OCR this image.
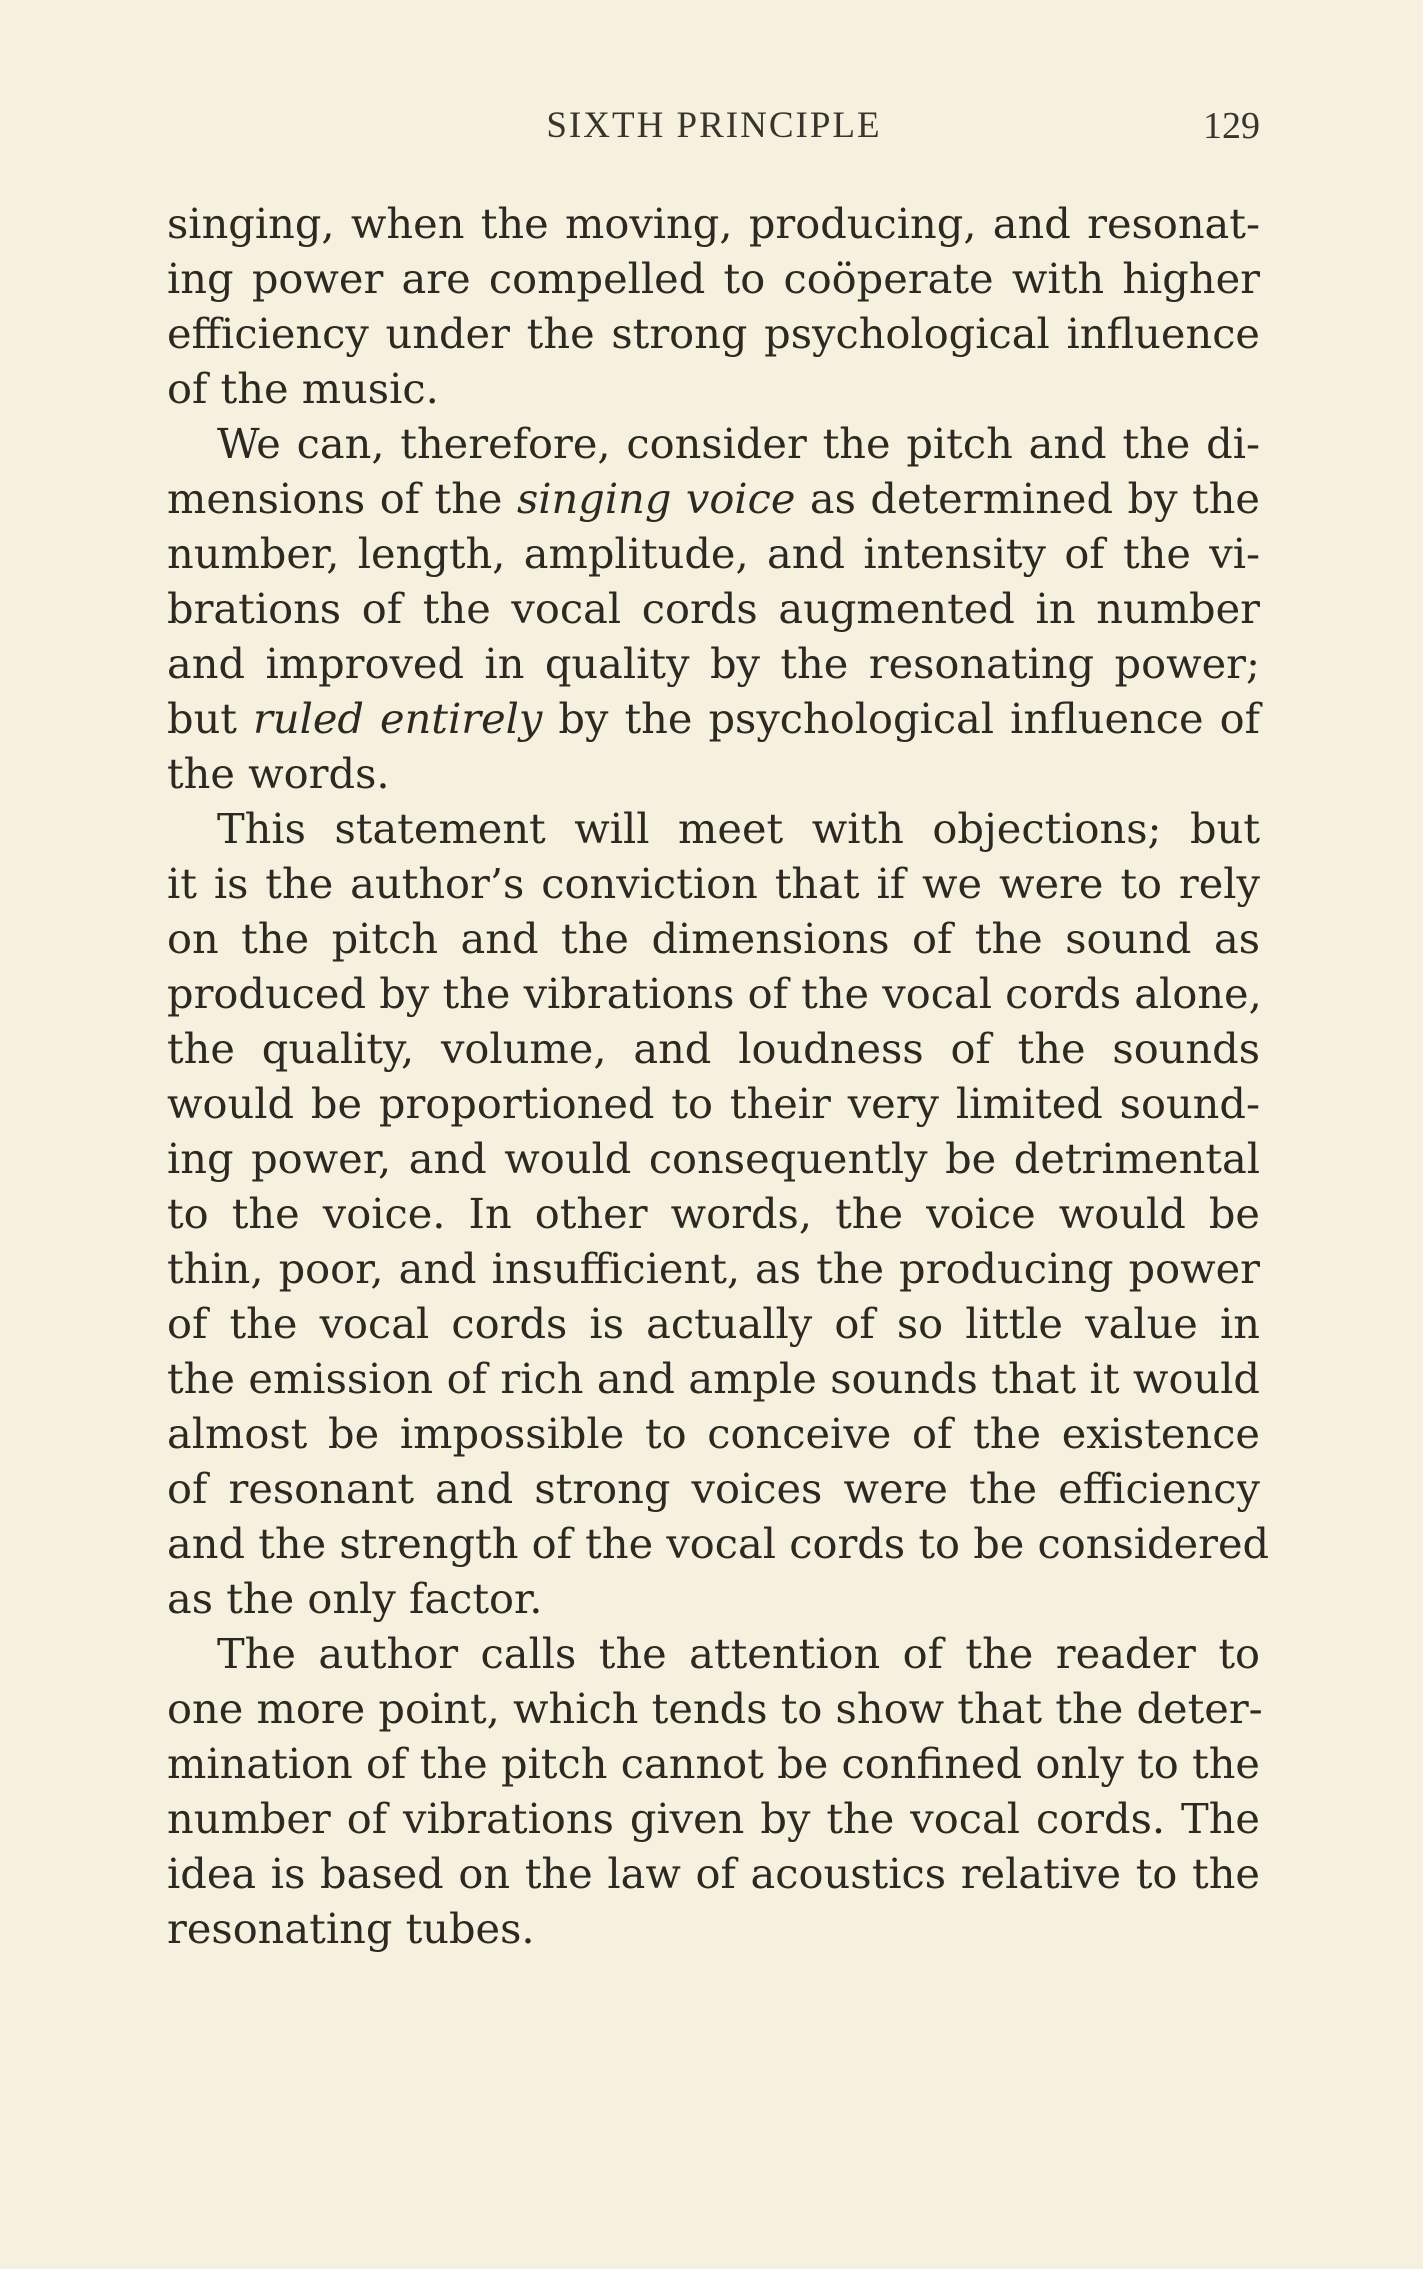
SIXTH PRINCIPLE	129
singing, when the moving, producing, and resonat-
ing power are compelled to coöperate with higher
efficiency under the strong psychological influence
of the music.
We can, therefore, consider the pitch and the di-
mensions of the singing voice as determined by the
number, length, amplitude, and intensity of the vi-
brations of the vocal cords augmented in number
and improved in quality by the resonating power;
but ruled entirely by the psychological influence of
the words.
This statement will meet with objections; but
it is the author’s conviction that if we were to rely
on the pitch and the dimensions of the sound as
produced by the vibrations of the vocal cords alone,
the quality, volume, and loudness of the sounds
would be proportioned to their very limited sound-
ing power, and would consequently be detrimental
to the voice. In other words, the voice would be
thin, poor, and insufficient, as the producing power
of the vocal cords is actually of so little value in
the emission of rich and ample sounds that it would
almost be impossible to conceive of the existence
of resonant and strong voices were the efficiency
and the strength of the vocal cords to be considered
as the only factor.
The author calls the attention of the reader to
one more point, which tends to show that the deter-
mination of the pitch cannot be confined only to the
number of vibrations given by the vocal cords. The
idea is based on the law of acoustics relative to the
resonating tubes.
